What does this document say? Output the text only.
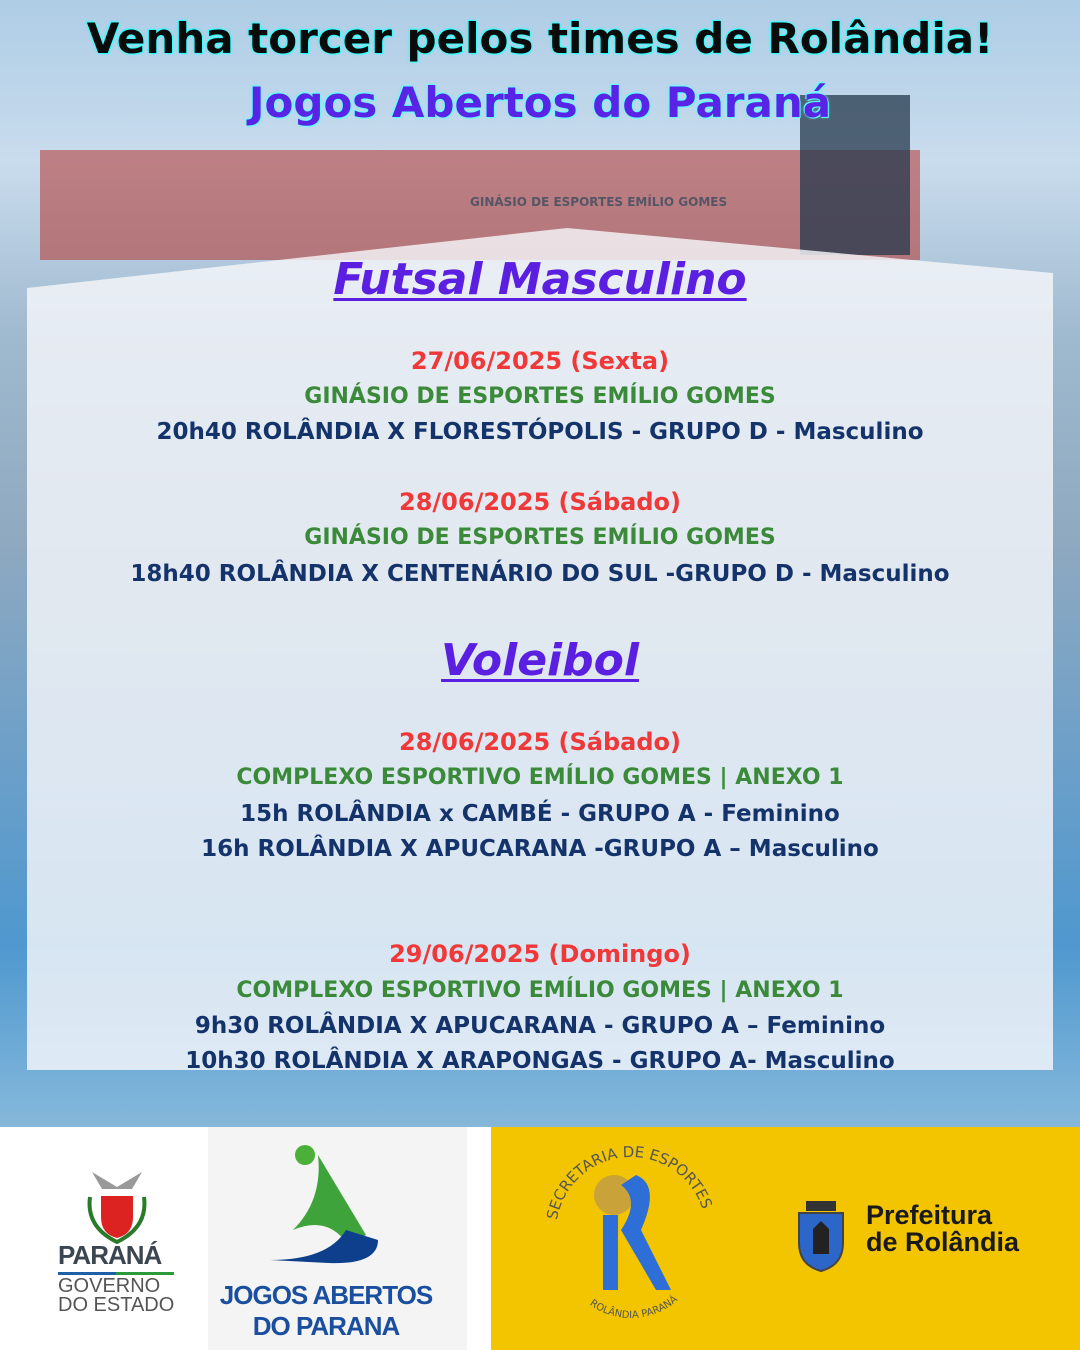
GINÁSIO DE ESPORTES EMÍLIO GOMES
Venha torcer pelos times de Rolândia!
Jogos Abertos do Paraná
Futsal Masculino
27/06/2025 (Sexta)
GINÁSIO DE ESPORTES EMÍLIO GOMES
20h40 ROLÂNDIA X FLORESTÓPOLIS - GRUPO D - Masculino
28/06/2025 (Sábado)
GINÁSIO DE ESPORTES EMÍLIO GOMES
18h40 ROLÂNDIA X CENTENÁRIO DO SUL -GRUPO D - Masculino
Voleibol
28/06/2025 (Sábado)
COMPLEXO ESPORTIVO EMÍLIO GOMES | ANEXO 1
15h ROLÂNDIA x CAMBÉ - GRUPO A - Feminino
16h ROLÂNDIA X APUCARANA -GRUPO A – Masculino
29/06/2025 (Domingo)
COMPLEXO ESPORTIVO EMÍLIO GOMES | ANEXO 1
9h30 ROLÂNDIA X APUCARANA - GRUPO A – Feminino
10h30 ROLÂNDIA X ARAPONGAS - GRUPO A- Masculino
PARANÁ
GOVERNO
DO ESTADO	JOGOS ABERTOS
DO PARANA
SECRETARIA DE ESPORTES
ROLÂNDIA PARANÁ
Prefeitura
de Rolândia
